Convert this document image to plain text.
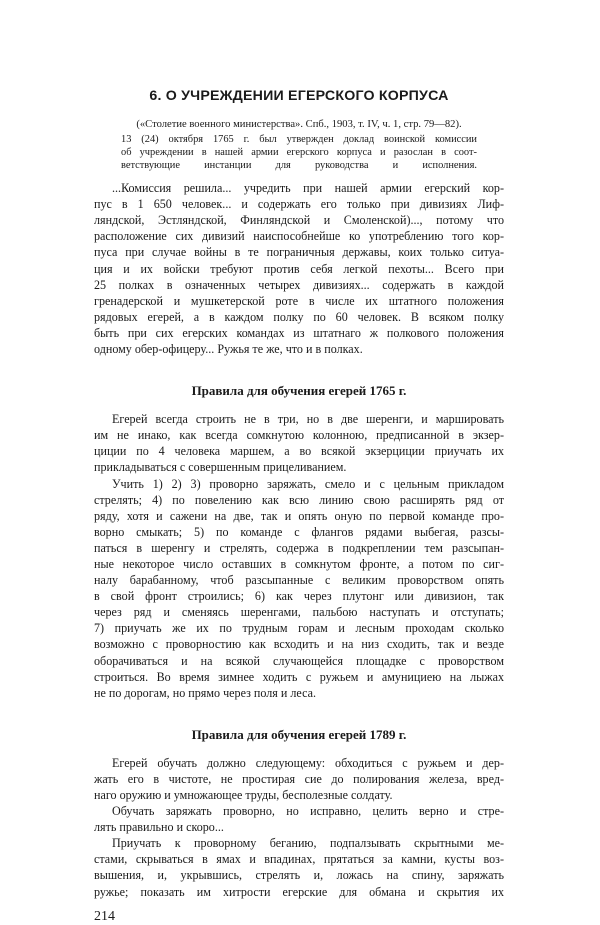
6. О УЧРЕЖДЕНИИ ЕГЕРСКОГО КОРПУСА

(«Столетие военного министерства». Спб., 1903, т. IV, ч. 1, стр. 79—82).

13 (24) октября 1765 г. был утвержден доклад воинской комиссии
об учреждении в нашей армии егерского корпуса и разослан в соот-
ветствующие инстанции для руководства и исполнения.
...Комиссия решила... учредить при нашей армии егерский кор-
пус в 1 650 человек... и содержать его только при дивизиях Лиф-
ляндской, Эстляндской, Финляндской и Смоленской)..., потому что
расположение сих дивизий наиспособнейше ко употреблению того кор-
пуса при случае войны в те пограничныя державы, коих только ситуа-
ция и их войски требуют против себя легкой пехоты... Всего при
25 полках в означенных четырех дивизиях... содержать в каждой
гренадерской и мушкетерской роте в числе их штатного положения
рядовых егерей, а в каждом полку по 60 человек. В всяком полку
быть при сих егерских командах из штатнаго ж полкового положения
одному обер-офицеру... Ружья те же, что и в полках.
Правила для обучения егерей 1765 г.
Егерей всегда строить не в три, но в две шеренги, и маршировать
им не инако, как всегда сомкнутою колонною, предписанной в экзер-
циции по 4 человека маршем, а во всякой экзерциции приучать их
прикладываться с совершенным прицеливанием.
Учить 1) 2) 3) проворно заряжать, смело и с цельным прикладом
стрелять; 4) по повелению как всю линию свою расширять ряд от
ряду, хотя и сажени на две, так и опять оную по первой команде про-
ворно смыкать; 5) по команде с флангов рядами выбегая, разсы-
паться в шеренгу и стрелять, содержа в подкреплении тем разсыпан-
ные некоторое число оставших в сомкнутом фронте, а потом по сиг-
налу барабанному, чтоб разсыпанные с великим проворством опять
в свой фронт строились; 6) как через плутонг или дивизион, так
через ряд и сменяясь шеренгами, пальбою наступать и отступать;
7) приучать же их по трудным горам и лесным проходам сколько
возможно с проворностию как всходить и на низ сходить, так и везде
оборачиваться и на всякой случающейся площадке с проворством
строиться. Во время зимнее ходить с ружьем и амунициею на лыжах
не по дорогам, но прямо через поля и леса.
Правила для обучения егерей 1789 г.
Егерей обучать должно следующему: обходиться с ружьем и дер-
жать его в чистоте, не простирая сие до полирования железа, вред-
наго оружию и умножающее труды, бесполезные солдату.
Обучать заряжать проворно, но исправно, целить верно и стре-
лять правильно и скоро...
Приучать к проворному беганию, подпалзывать скрытными ме-
стами, скрываться в ямах и впадинах, прятаться за камни, кусты воз-
вышения, и, укрывшись, стрелять и, ложась на спину, заряжать
ружье; показать им хитрости егерские для обмана и скрытия их
214
